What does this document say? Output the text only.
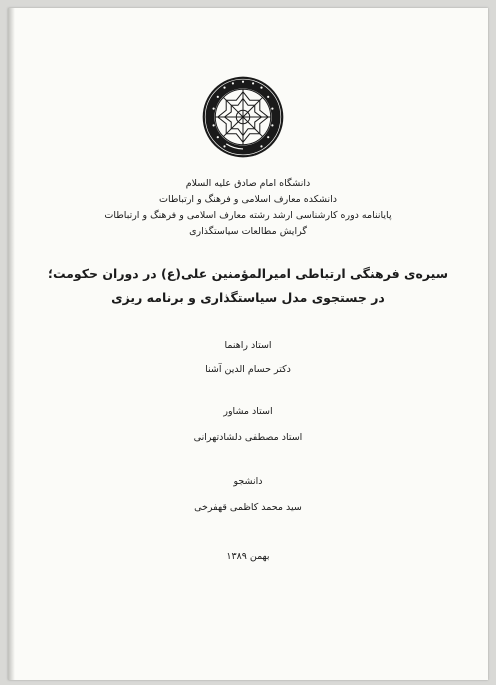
دانشگاه امام صادق علیه السلام
دانشکده معارف اسلامی و فرهنگ و ارتباطات
پایاننامه دوره کارشناسی ارشد رشته معارف اسلامی و فرهنگ و ارتباطات
گرایش مطالعات سیاستگذاری
سیره‌ی فرهنگی ارتباطی امیرالمؤمنین علی(ع) در دوران حکومت؛
در جستجوی مدل سیاستگذاری و برنامه ریزی
استاد راهنما
دکتر حسام الدین آشنا
استاد مشاور
استاد مصطفی دلشادتهرانی
دانشجو
سید محمد کاظمی قهفرخی
بهمن ۱۳۸۹
